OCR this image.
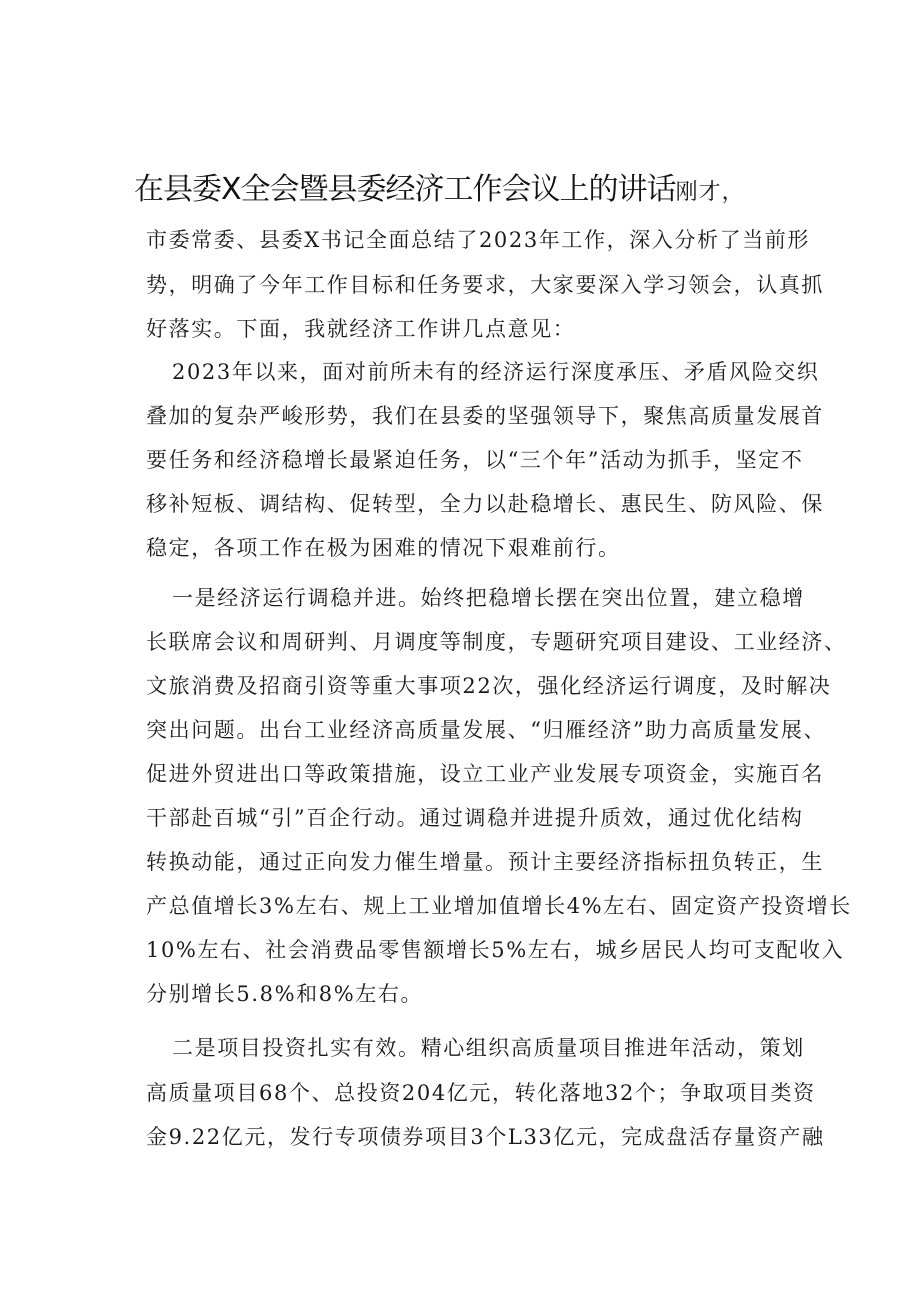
在县委X全会暨县委经济工作会议上的讲话刚才，
市委常委、县委X书记全面总结了2023年工作，深入分析了当前形
势，明确了今年工作目标和任务要求，大家要深入学习领会，认真抓
好落实。下面，我就经济工作讲几点意见：
2023年以来，面对前所未有的经济运行深度承压、矛盾风险交织
叠加的复杂严峻形势，我们在县委的坚强领导下，聚焦高质量发展首
要任务和经济稳增长最紧迫任务，以“三个年”活动为抓手，坚定不
移补短板、调结构、促转型，全力以赴稳增长、惠民生、防风险、保
稳定，各项工作在极为困难的情况下艰难前行。
一是经济运行调稳并进。始终把稳增长摆在突出位置，建立稳增
长联席会议和周研判、月调度等制度，专题研究项目建设、工业经济、
文旅消费及招商引资等重大事项22次，强化经济运行调度，及时解决
突出问题。出台工业经济高质量发展、“归雁经济”助力高质量发展、
促进外贸进出口等政策措施，设立工业产业发展专项资金，实施百名
干部赴百城“引”百企行动。通过调稳并进提升质效，通过优化结构
转换动能，通过正向发力催生增量。预计主要经济指标扭负转正，生
产总值增长3%左右、规上工业增加值增长4%左右、固定资产投资增长
10%左右、社会消费品零售额增长5%左右，城乡居民人均可支配收入
分别增长5.8%和8%左右。
二是项目投资扎实有效。精心组织高质量项目推进年活动，策划
高质量项目68个、总投资204亿元，转化落地32个；争取项目类资
金9.22亿元，发行专项债券项目3个L33亿元，完成盘活存量资产融
